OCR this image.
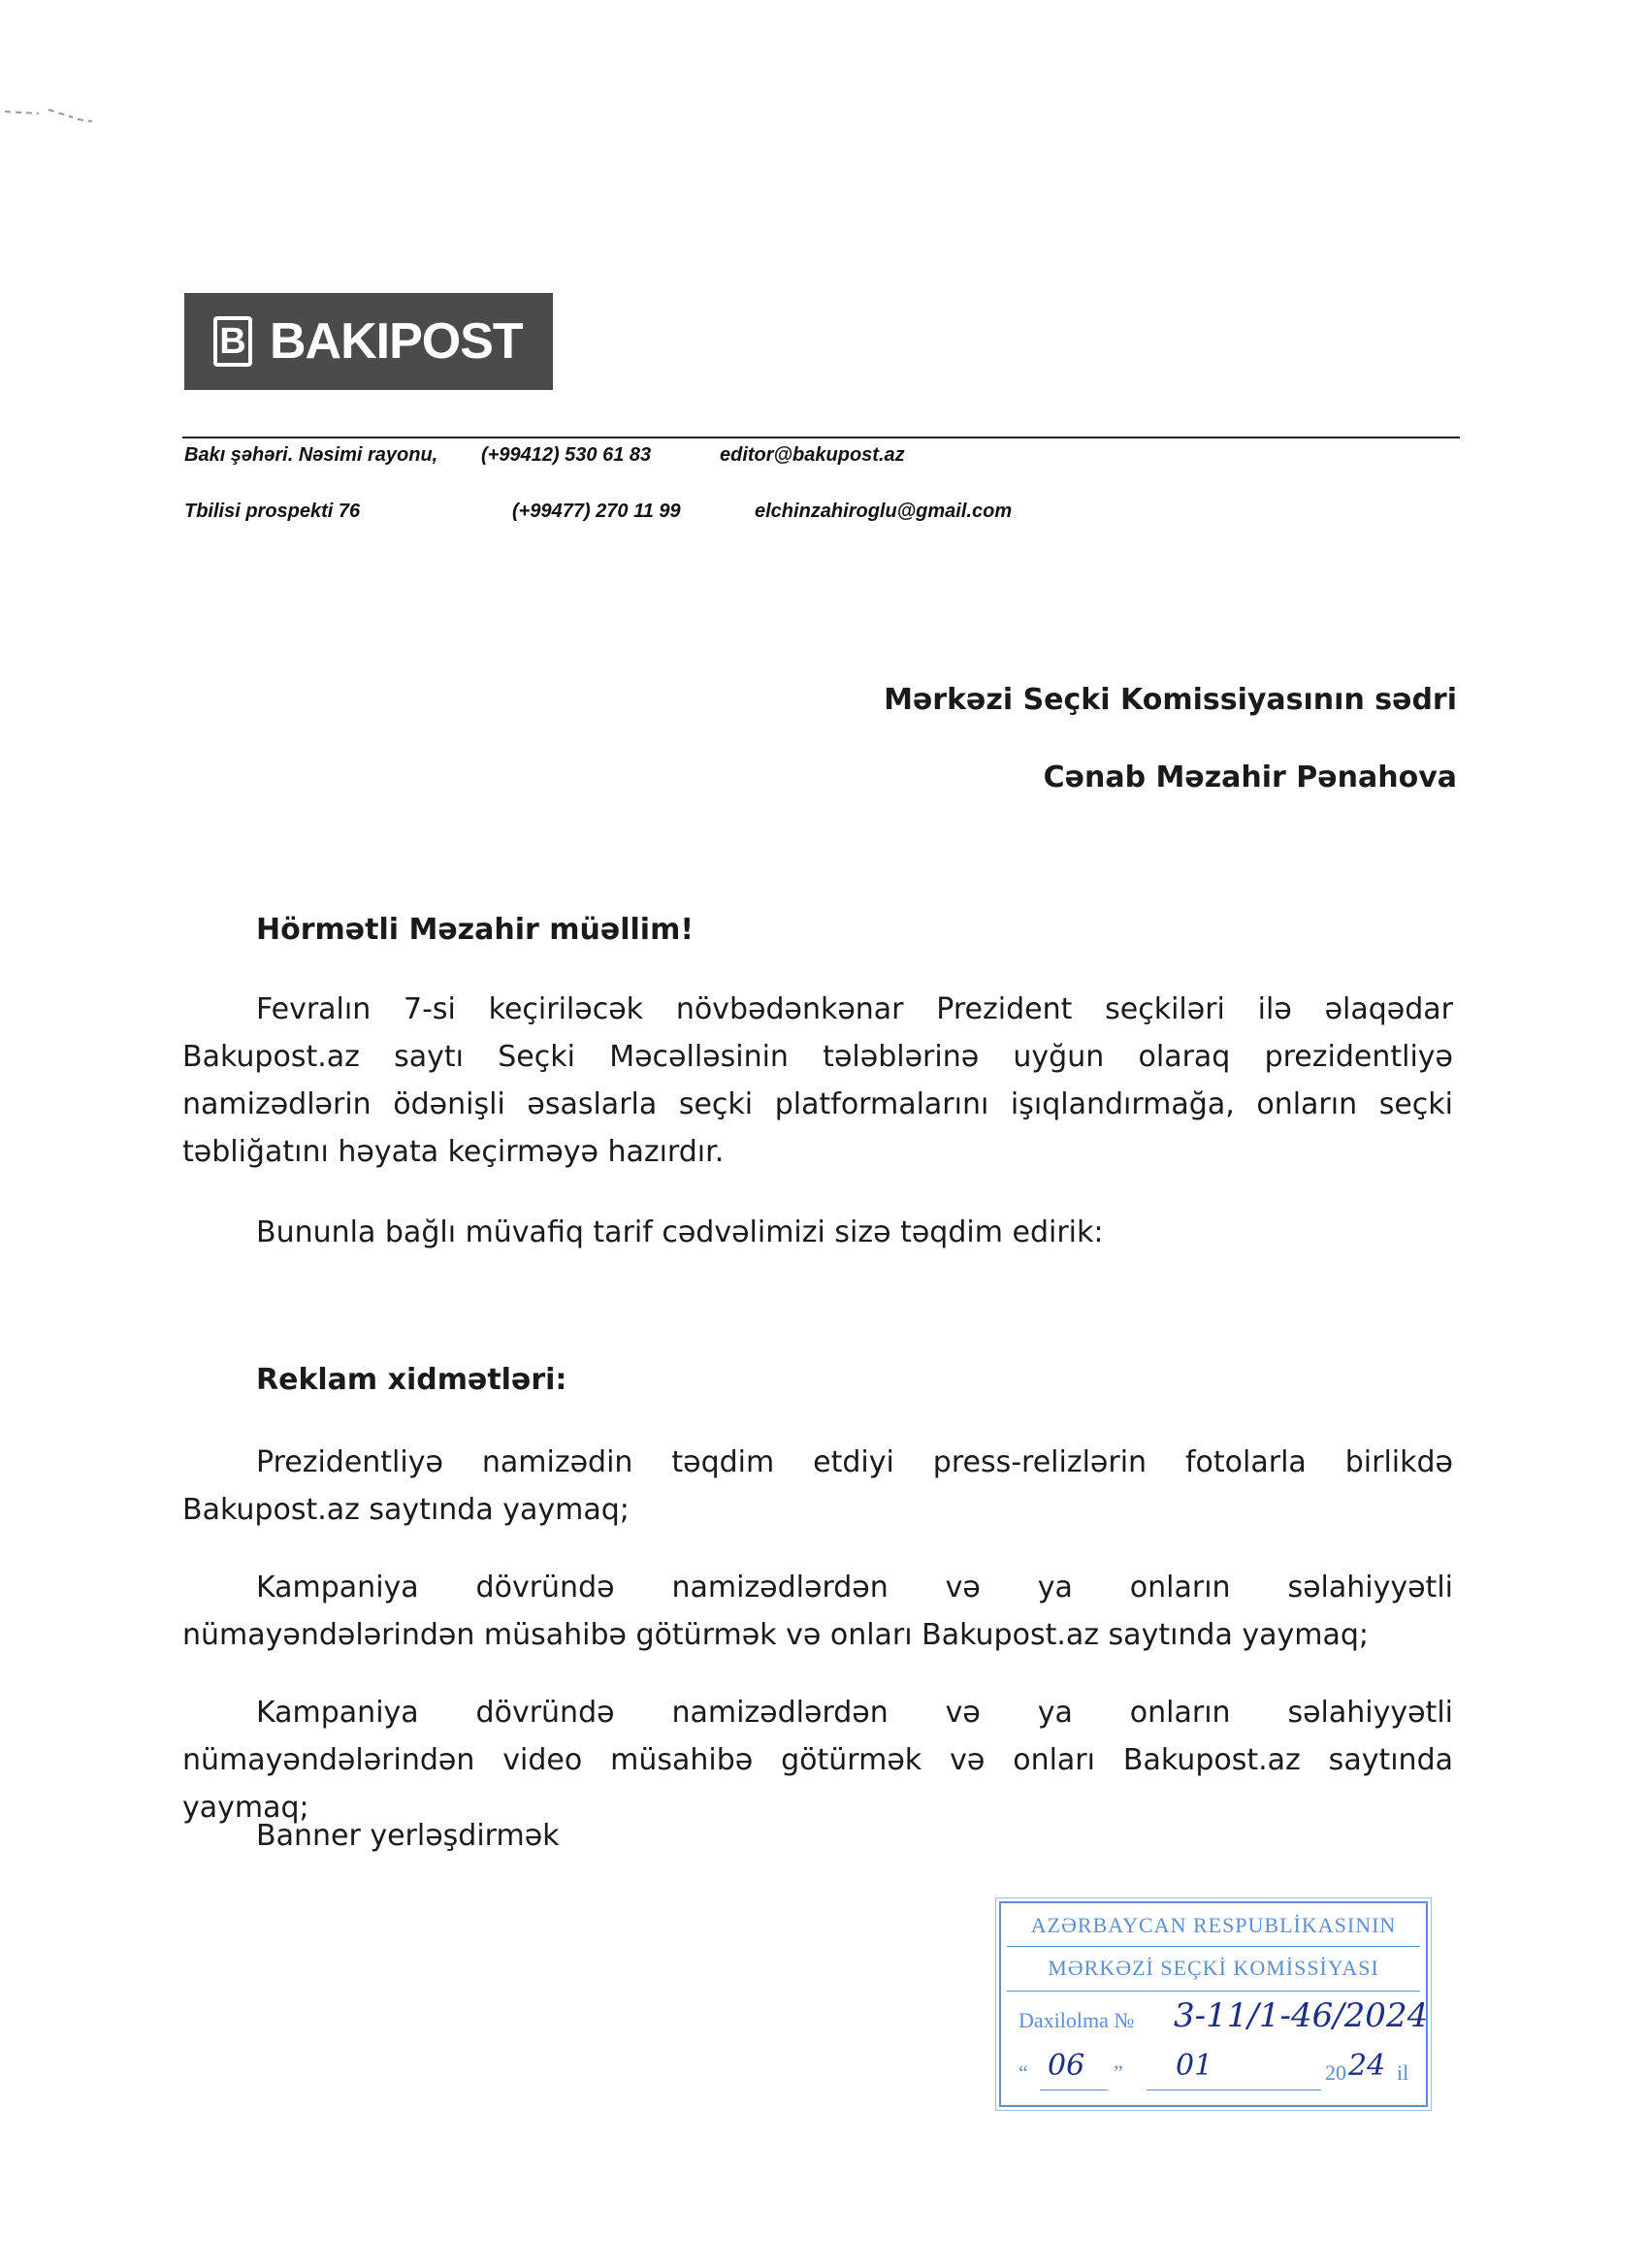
B BAKIPOST
Bakı şəhəri. Nəsimi rayonu, (+99412) 530 61 83	editor@bakupost.az
Tbilisi prospekti 76	(+99477) 270 11 99	elchinzahiroglu@gmail.com
Mərkəzi Seçki Komissiyasının sədri
Cənab Məzahir Pənahova
Hörmətli Məzahir müəllim!
Fevralın 7-si keçiriləcək növbədənkənar Prezident seçkiləri ilə əlaqədar Bakupost.az saytı Seçki Məcəlləsinin tələblərinə uyğun olaraq prezidentliyə namizədlərin ödənişli əsaslarla seçki platformalarını işıqlandırmağa, onların seçki təbliğatını həyata keçirməyə hazırdır.
Bununla bağlı müvafiq tarif cədvəlimizi sizə təqdim edirik:
Reklam xidmətləri:
Prezidentliyə namizədin təqdim etdiyi press-relizlərin fotolarla birlikdə Bakupost.az saytında yaymaq;
Kampaniya dövründə namizədlərdən və ya onların səlahiyyətli nümayəndələrindən müsahibə götürmək və onları Bakupost.az saytında yaymaq;
Kampaniya dövründə namizədlərdən və ya onların səlahiyyətli nümayəndələrindən video müsahibə götürmək və onları Bakupost.az saytında yaymaq;
Banner yerləşdirmək
AZƏRBAYCAN RESPUBLİKASININ
MƏRKƏZİ SEÇKİ KOMİSSİYASI
Daxilolma № 3-11/1-46/2024
“ 06 ” 01	20 24 il
